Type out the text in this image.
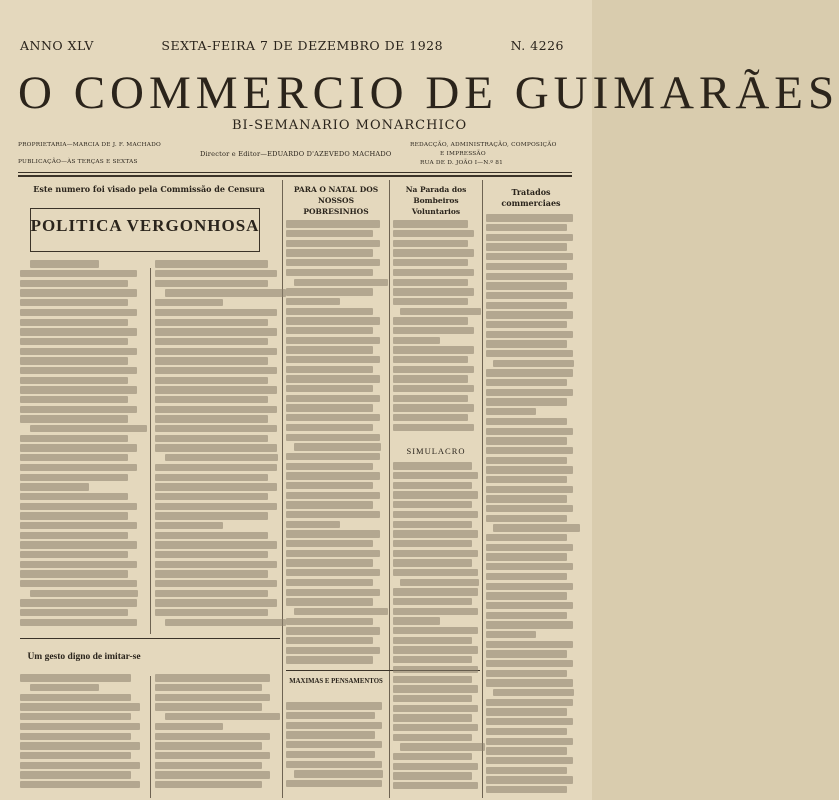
ANNO XLV	SEXTA-FEIRA 7 DE DEZEMBRO DE 1928	N. 4226
O COMMERCIO DE GUIMARÃES
BI-SEMANARIO MONARCHICO
PROPRIETARIA—MARCIA DE J. F. MACHADO
PUBLICAÇÃO—ÀS TERÇAS E SEXTAS
Director e Editor—EDUARDO D'AZEVEDO MACHADO
REDACÇÃO, ADMINISTRAÇÃO, COMPOSIÇÃO
E IMPRESSÃO
RUA DE D. JOÃO I—N.º 81
Este numero foi visado pela Commissão de Censura	PARA O NATAL DOS NOSSOS POBRESINHOS
Na Parada dos Bombeiros Voluntarios
Tratados commerciaes
POLITICA VERGONHOSA
Um gesto digno de imitar-se
SIMULACRO
MAXIMAS E PENSAMENTOS
